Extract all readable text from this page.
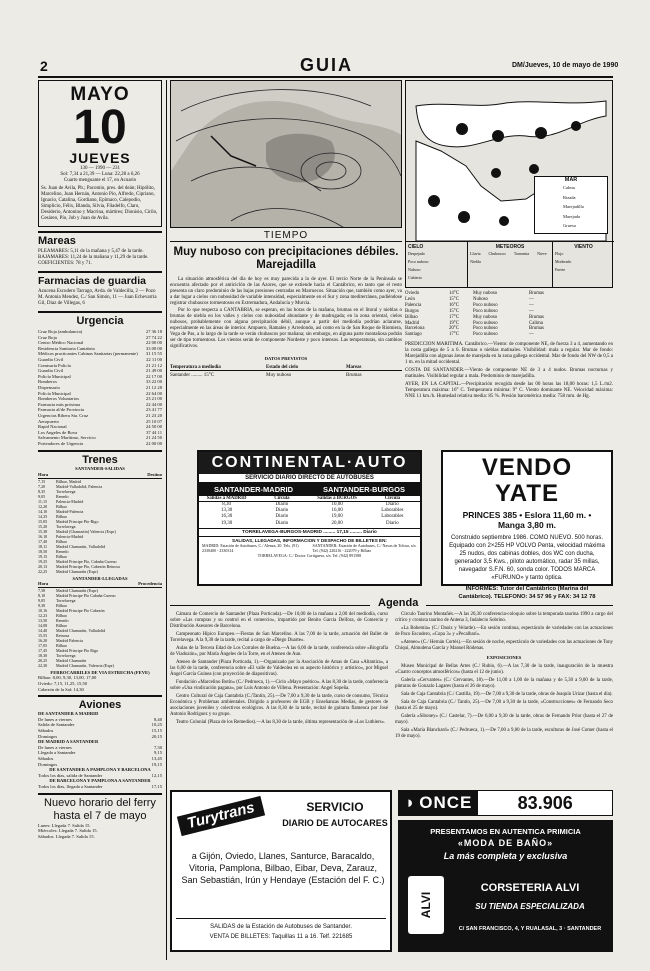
2	GUIA	DM/Jueves, 10 de mayo de 1990
MAYO
10
JUEVES
130 — 1990 — 231
Sol: 7,34 a 21,39 — Luna: 22,28 a 6,26
Cuarto menguante el 17, en Acuario
Ss. Juan de Avila, Pb.; Pacomio, pres. del deán; Hipólito, Marcelino, Juan Hernán, Antonio Pio, Alfredo, Cipriano, Ignacio, Catalina, Gordiano, Epímaco, Calepodio, Simplicio, Félix, Blanda, Silvia, Filadelfo, Claro, Desiderio, Antonino y Macrina, mártires; Dionisio, Cirilo, Cesáreo, Pío, Job y Juan de Avila.
Mareas
PLEAMARES: 5,11 de la mañana y 5,47 de la tarde.
BAJAMARES: 11,24 de la mañana y 11,29 de la tarde.
COEFICIENTES: 78 y 71.
Farmacias de guardia
Azucena Escudero Tarrago, Avda. de Valdecilla, 2 — Pozo M. Antonia Mendez, C./ San Simón, 11 — Juan Echevarria Gil, Diaz de Villegas, 6
Urgencia
Cruz Roja (ambulancia)	27 36 18
Cruz Roja	27 74 22
Centro Médico Nacional	22 00 00
Residencia Sanitaria Cantabria	33 00 00
Médicos practicantes Cabinas Sanitarias (permanente) 31 15 55
Guardia Civil	22 11 00
Comisaría Policía	21 21 12
Guardia Civil	21 49 00
Policía Municipal	22 17 00
Bomberos	33 22 00
Dispensario	21 12 28
Policía Municipal	22 64 00
Bomberos Voluntarios	23 21 00
Farmacia más próxima	22 44 00
Farmacia al/de Provincia	23 41 77
Urgencias Ribera Sta. Cruz	21 23 20
Aeropuerto	25 10 07
Rapid Nacional	24 50 00
Los Angeles de Bova	37 44 11
Salvamento Marítimo, Servicio	21 24 50
Porteadores de Urgencia	22 00 00
Trenes
SANTANDER-SALIDAS
Hora	Destino
7,15	Bilbao, Madrid
7,20	Madrid-Valladolid, Palencia
8,35	Torrelavega
9,05	Renedo
11,15	Palencia-Madrid
12,20	Bilbao
14,10	Madrid-Palencia
14,35	Bilbao
15,05	Madrid Principe Pío-Rigo
15,20	Torrelavega
15,38	Madrid (Chamartín) Valencia (Expr)
16,10	Palencia-Madrid
17,40	Bilbao
18,11	Madrid Chamartín, Valladolid
18,50	Renedo
19,15	Bilbao
19,25	Madrid Principe Pío, Cabaña Cuerno
20,13	Madrid Principe Pío, Cabezón Reinosa
22,25	Madrid Chamartín (Expr)
SANTANDER-LLEGADAS
Hora	Procedencia
7,58	Madrid Chamartín (Expr)
8,10	Madrid Principe Pío Cabaña Cuerno
9,05	Torrelavega
9,30	Bilbao
10,16	Madrid Principe Pío Cabezón
12,23	Bilbao
13,50	Renedo
14,08	Bilbao
14,40	Madrid Chamartín, Valladolid
15,55	Reinosa
16,20	Madrid Palencia
17,05	Bilbao
17,45	Madrid Principe Pío Rigo
18,30	Torrelavega
20,25	Madrid Chamartín
22,30	Madrid Chamartín, Valencia (Expr)
FERROCARRILES DE VIA ESTRECHA (FEVE)
Bilbao: 8,00, 9,30, 13,00, 17,00
Oviedo: 7,15, 11,25, 15,50
Cabezón de la Sal: 14,30
Aviones
DE SANTANDER A MADRID
De lunes a viernes	8,40
Salida de Santander	10,25
Sábados	15,15
Domingos	20,15
DE MADRID A SANTANDER
De lunes a viernes	7,30
Llegada a Santander	9,15
Sábados	13,45
Domingos	19,15
DE SANTANDER A PAMPLONA Y BARCELONA
Todos los días, salida de Santander	12,15
DE BARCELONA Y PAMPLONA A SANTANDER
Todos los días, llegada a Santander	17,15
Nuevo horario del ferry hasta el 7 de mayo
Lunes: Llegada 7. Salida 15.
Miércoles: Llegada 7. Salida 15.
Sábados: Llegada 7. Salida 15.
MAR
Calma
Rizada
Marejadilla
Marejada
Gruesa
CIELO
Despejado
Poco nuboso
Nuboso
Cubierto
METEOROS
Lluvia Chubascos Tormenta Nieve
Niebla
VIENTO
Flojo
Moderado
Fuerte
TIEMPO
Muy nuboso con precipitaciones débiles. Marejadilla
La situación atmosférica del día de hoy es muy parecida a la de ayer. El tercio Norte de la Península se encuentra afectado por el anticiclón de las Azores, que se extiende hacia el Cantábrico, en tanto que el resto presenta un claro predominio de las bajas presiones centradas en Marruecos. Situación que, también como ayer, va a dar lugar a cielos con nubosidad de variable intensidad, especialmente en el Sur y zona mediterránea, pudiéndose registrar chubascos tormentosos en Extremadura, Andalucía y Murcia.
Por lo que respecta a CANTABRIA, se esperan, en las horas de la mañana, brumas en el litoral y nieblas o brumas de niebla en los valles y cielos con nubosidad abundante y de madrugada; en la zona oriental, cielos nubosos, probablemente con alguna precipitación débil, aunque a partir del mediodía podrían aclararse, especialmente en las áreas de interior. Ampuero, Ramales y Arredondo, así como en la de San Roque de Riomiera, Vega de Pas, a lo largo de la tarde se verán chubascos por mañana; sin embargo, en alguna parte montañosa podrán ser de tipo tormentoso. Los vientos serán de componente Nordeste y poco intensos. Las temperaturas, sin cambios significativos.
DATOS PREVISTOS
Temperatura a mediodía	Estado del cielo	Mareas
Santander ......... 15°C	Muy nuboso	Brumas
Oviedo	14°C	Muy nuboso	Brumas
León	15°C	Nuboso	—
Palencia	16°C	Poco nuboso	—
Burgos	15°C	Poco nuboso	—
Bilbao	17°C	Muy nuboso	Brumas
Madrid	19°C	Poco nuboso	Calima
Barcelona	20°C	Poco nuboso	Brumas
Santiago	17°C	Poco nuboso	—
PREDICCION MARITIMA. Cantábrico.—Viento: de componente NE, de fuerza 3 a 4, aumentando en la costa gallega de 5 a 6. Brumas o nieblas matinales. Visibilidad: mala a regular. Mar de fondo: Marejadilla con algunas áreas de marejada en la zona gallega occidental. Mar de fondo del NW de 0,5 a 1 m. en la mitad occidental.
COSTA DE SANTANDER.—Viento de componente NE de 3 a 4 nudos. Brumas nocturnas y matinales. Visibilidad regular a mala. Predominio de marejadilla.
AYER, EN LA CAPITAL.—Precipitación recogida desde las 00 horas las 18,00 horas: 1,5 L./m2. Temperatura máxima: 16° C. Temperatura mínima: 9° C. Viento dominante NE. Velocidad máxima: NNE 11 km./h. Humedad relativa media: 85 %. Presión barométrica media: 758 mm. de Hg.
CONTINENTAL·AUTO
SERVICIO DIARIO DIRECTO DE AUTOBUSES
SANTANDER-MADRID	SANTANDER-BURGOS
Salidas a MADRID	Circula	Salidas a BURGOS	Circula
8,30	Diario	10,00	Diario
13,30	Diario	16,00	Laborables
16,30	Diario	19,00	Laborables
19,30	Diario	20,00	Diario
TORRELAVEGA-BURGOS-MADRID ......... 17,15 ......... Diario
SALIDAS, LLEGADAS, INFORMACION Y DESPACHO DE BILLETES EN:
MADRID: Estación de Autobuses, C./ Alenza, 20. Tels. (91) 2330400 - 2330314
SANTANDER: Estación de Autobuses, C./ Navas de Tolosa, s/n. Tel. (942) 220216 - 222079 y Bilbao
TORRELAVEGA: C./ Doctor Cortiguera, s/n. Tel. (942) 891588
VENDO YATE
PRINCES 385 • Eslora 11,60 m. • Manga 3,80 m.
Construido septiembre 1986. COMO NUEVO. 500 horas. Equipado con 2×255 HP VOLVO Penta, velocidad máxima 25 nudos, dos cabinas dobles, dos WC con ducha, generador 3,5 Kws., piloto automático, radar 35 millas, navegador S.F.N. 60, sonda color. TODOS MARCA «FURUNO» y tanto óptica.
INFORMES: Tutor del Cantábrico (Marina del Cantábrico). TELEFONO: 34 57 96 y FAX: 34 12 78
Agenda
Cámara de Comercio de Santander (Plaza Porticada).—De 10,00 de la mañana a 2,00 del mediodía, curso sobre «Las compras y su control en el comercio», impartido por Benito Garcia Delfora, de Comercio y Distribución Asesores de Barcelona.
Campeonato Hípico Europeo.—Fiestas de San Marcelino. A las 7,00 de la tarde, actuación del Ballet de Torrelavega. A la 9,30 de la tarde, recital a cargo de «Diego Duarte».
Aulas de la Tercera Edad de Los Corrales de Buelna.—A las 6,00 de la tarde, conferencia sobre «Biografía de Viaduzón», por María Ángeles de la Torre, en el Ateneo de Aun.
Ateneo de Santander (Plaza Porticada, 1).—Organizado por la Asociación de Amas de Casa «Altamira», a las 6,00 de la tarde, conferencia sobre «El valle de Valdeolea en su aspecto histórico y artístico», por Miguel Ángel García Guinea (con proyección de diapositivas).
Fundación «Marcelino Botín» (C./ Pedrueca, 1).—Ciclo «Mayo poético». A las 8,30 de la tarde, conferencia sobre «Una vindicación pagana», por Luis Antonio de Villena. Presentación: Angel Sopeña.
Centro Cultural de Caja Cantabria (C./Tantín, 25).—De 7,00 a 9,30 de la tarde, curso de consumo, Técnica Económica y Problemas ambientales. Dirigido a profesores de EGB y Enseñanzas Medias, de gestores de asociaciones juveniles y colectivos ecológicos. A las 8,30 de la tarde, recital de guitarra flamenca por José Antonio Rodríguez y su grupo.
Teatro Colonial (Plaza de los Remedios).—A las 8,30 de la tarde, última representación de «Los Luthiers».
Círculo Taurino Montañés.—A las 20,30 conferencia-coloquio sobre la temporada taurina 1990 a cargo del crítico y cronista taurino de Antena 3, Indalecio Sobrino.
«La Bohemia» (C./ Daoiz y Velarde).—En sesión continua, espectáculo de variedades con las actuaciones de Paco Escudero, «Copa 3» y «Pecalbarí».
«Ateneo» (C./ Hernán Cortés).—En sesión de noche, espectáculo de variedades con las actuaciones de Tony Chiquí, Almudena García y Manuel Ródenas.
EXPOSICIONES
Museo Municipal de Bellas Artes (C./ Rubio, 6).—A las 7,30 de la tarde, inauguración de la muestra «Cuatro conceptos atmosféricos» (hasta el 12 de junio).
Galería «Cervantes» (C./ Cervantes, 18).—De 11,00 a 1,00 de la mañana y de 5,30 a 9,00 de la tarde, pinturas de Gonzalo Lagares (hasta el 26 de mayo).
Sala de Caja Cantabria (C./ Castilla, 19).—De 7,00 a 9,30 de la tarde, obras de Joaquín Urizar (hasta el día).
Sala de Caja Cantabria (C./ Tantín, 25).—De 7,00 a 9,30 de la tarde, «Construcciones» de Fernando Seco (hasta el 25 de mayo).
Galería «Siboney» (C./ Castelar, 7).—De 6,00 a 9,30 de la tarde, obras de Fernando Prior (hasta el 27 de mayo).
Sala «María Blanchard» (C./ Pedrueca, 1).—De 7,00 a 9,00 de la tarde, esculturas de José Comer (hasta el 19 de mayo).
Turytrans	SERVICIO
DIARIO DE AUTOCARES
a Gijón, Oviedo, Llanes, Santurce, Baracaldo, Vitoria, Pamplona, Bilbao, Eibar, Deva, Zarauz, San Sebastián, Irún y Hendaye (Estación del F. C.)
SALIDAS de la Estación de Autobuses de Santander.
VENTA DE BILLETES: Taquillas 11 a 16. Telf. 221685
◗ ONCE	83.906
PRESENTAMOS EN AUTENTICA PRIMICIA
«MODA DE BAÑO»
La más completa y exclusiva
ALVI
CORSETERIA ALVI
SU TIENDA ESPECIALIZADA
C/ SAN FRANCISCO, 4, Y RUALASAL, 3 · SANTANDER
